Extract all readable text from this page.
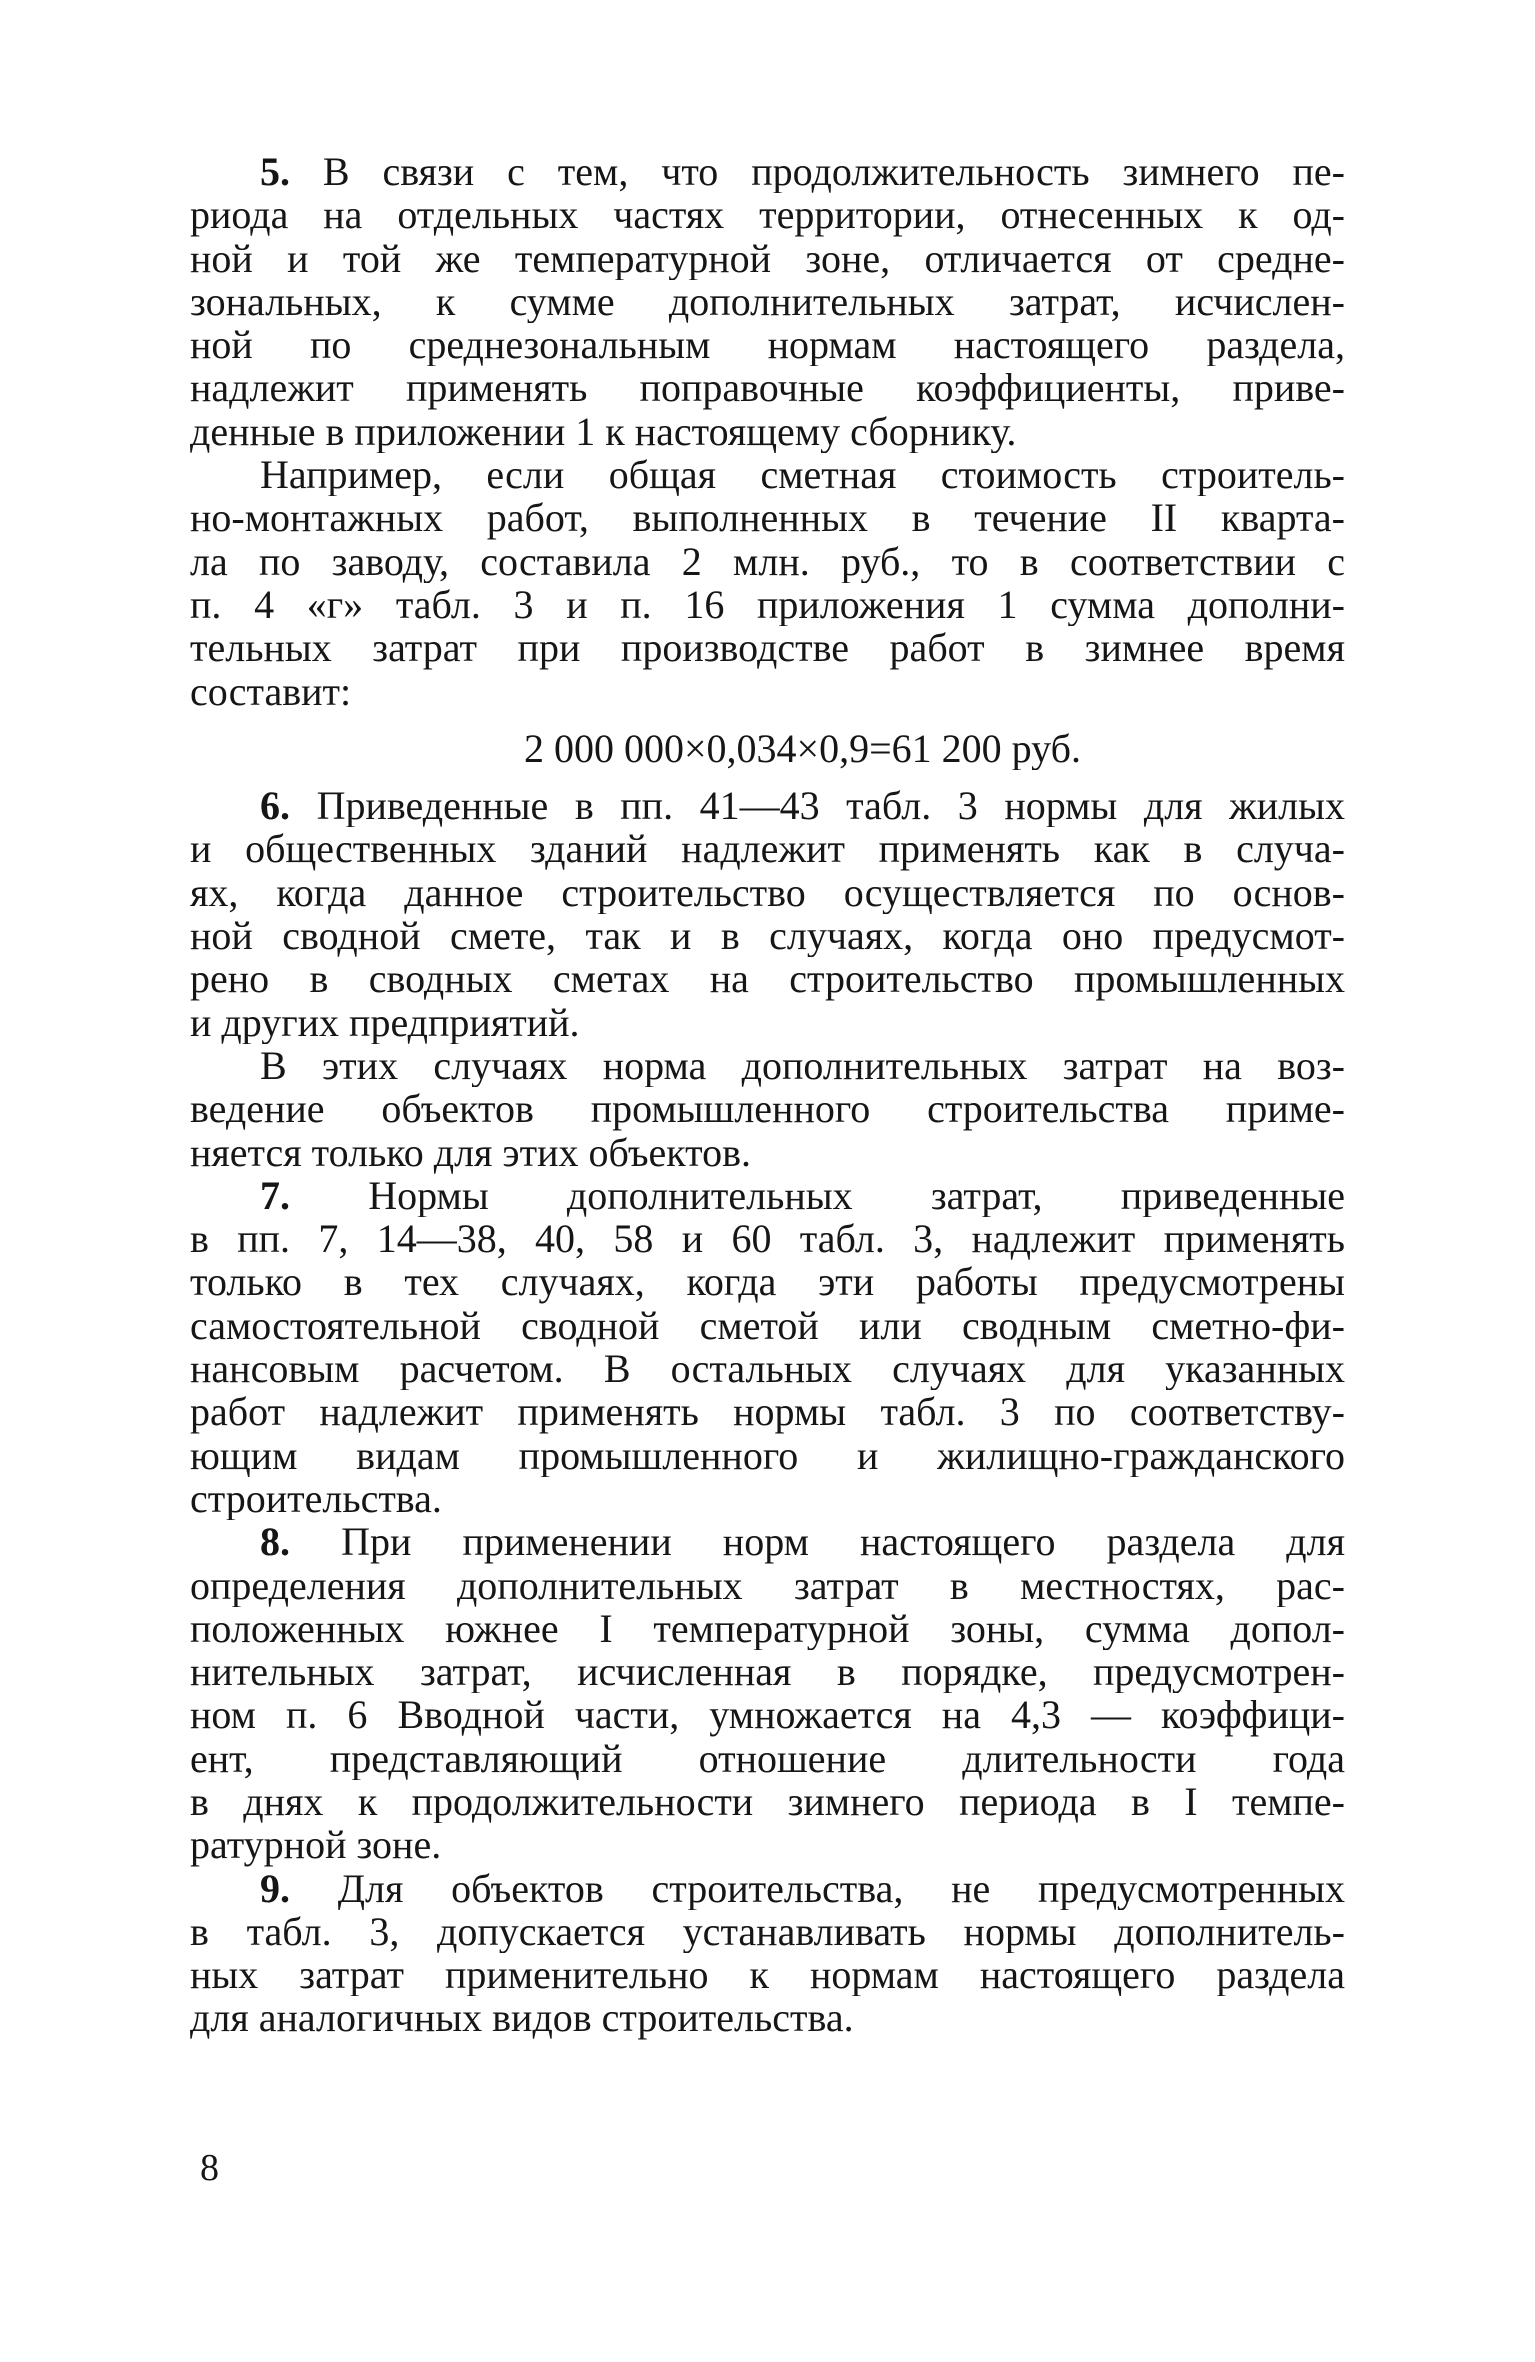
5. В связи с тем, что продолжительность зимнего пе-
риода на отдельных частях территории, отнесенных к од-
ной и той же температурной зоне, отличается от средне-
зональных, к сумме дополнительных затрат, исчислен-
ной по среднезональным нормам настоящего раздела,
надлежит применять поправочные коэффициенты, приве-
денные в приложении 1 к настоящему сборнику.
Например, если общая сметная стоимость строитель-
но-монтажных работ, выполненных в течение II кварта-
ла по заводу, составила 2 млн. руб., то в соответствии с
п. 4 «г» табл. 3 и п. 16 приложения 1 сумма дополни-
тельных затрат при производстве работ в зимнее время
составит:
2 000 000×0,034×0,9=61 200 руб.
6. Приведенные в пп. 41—43 табл. 3 нормы для жилых
и общественных зданий надлежит применять как в случа-
ях, когда данное строительство осуществляется по основ-
ной сводной смете, так и в случаях, когда оно предусмот-
рено в сводных сметах на строительство промышленных
и других предприятий.
В этих случаях норма дополнительных затрат на воз-
ведение объектов промышленного строительства приме-
няется только для этих объектов.
7. Нормы дополнительных затрат, приведенные
в пп. 7, 14—38, 40, 58 и 60 табл. 3, надлежит применять
только в тех случаях, когда эти работы предусмотрены
самостоятельной сводной сметой или сводным сметно-фи-
нансовым расчетом. В остальных случаях для указанных
работ надлежит применять нормы табл. 3 по соответству-
ющим видам промышленного и жилищно-гражданского
строительства.
8. При применении норм настоящего раздела для
определения дополнительных затрат в местностях, рас-
положенных южнее I температурной зоны, сумма допол-
нительных затрат, исчисленная в порядке, предусмотрен-
ном п. 6 Вводной части, умножается на 4,3 — коэффици-
ент, представляющий отношение длительности года
в днях к продолжительности зимнего периода в I темпе-
ратурной зоне.
9. Для объектов строительства, не предусмотренных
в табл. 3, допускается устанавливать нормы дополнитель-
ных затрат применительно к нормам настоящего раздела
для аналогичных видов строительства.
8
